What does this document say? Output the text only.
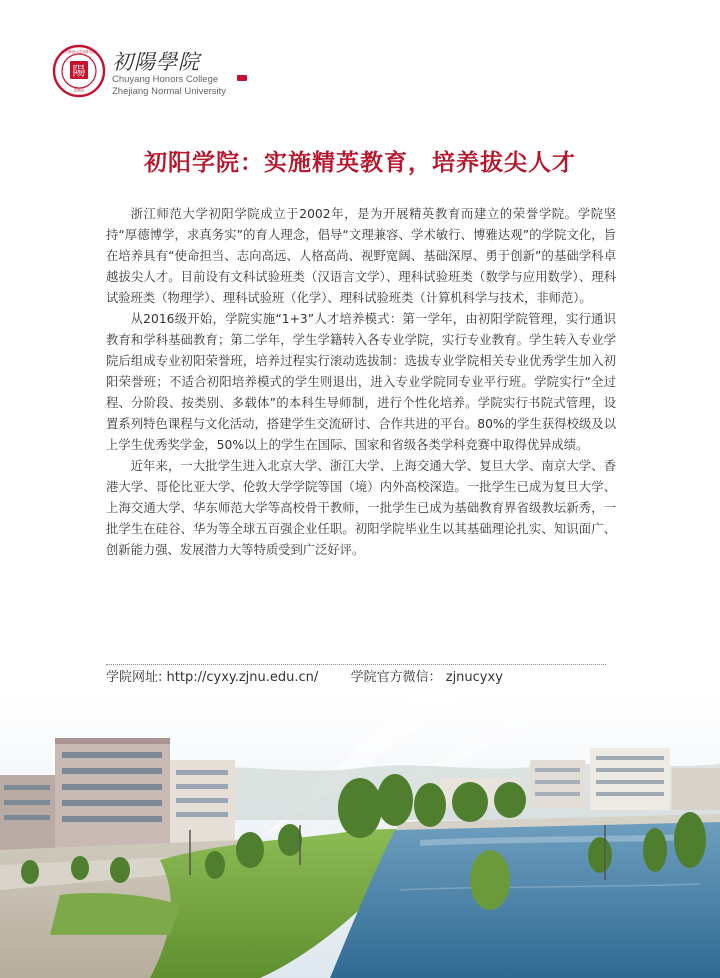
陽
2002
浙江师范大学初阳学院 初陽學院
Chuyang Honors College
Zhejiang Normal University
初阳学院：实施精英教育，培养拔尖人才

浙江师范大学初阳学院成立于2002年，是为开展精英教育而建立的荣誉学院。学院坚持“厚德博学，求真务实”的育人理念，倡导“文理兼容、学术敏行、博雅达观”的学院文化，旨在培养具有“使命担当、志向高远、人格高尚、视野宽阔、基础深厚、勇于创新”的基础学科卓越拔尖人才。目前设有文科试验班类（汉语言文学）、理科试验班类（数学与应用数学）、理科试验班类（物理学）、理科试验班（化学）、理科试验班类（计算机科学与技术，非师范）。

从2016级开始，学院实施“1+3”人才培养模式：第一学年，由初阳学院管理，实行通识教育和学科基础教育；第二学年，学生学籍转入各专业学院，实行专业教育。学生转入专业学院后组成专业初阳荣誉班，培养过程实行滚动选拔制：选拔专业学院相关专业优秀学生加入初阳荣誉班；不适合初阳培养模式的学生则退出，进入专业学院同专业平行班。学院实行“全过程、分阶段、按类别、多载体”的本科生导师制，进行个性化培养。学院实行书院式管理，设置系列特色课程与文化活动，搭建学生交流研讨、合作共进的平台。80%的学生获得校级及以上学生优秀奖学金，50%以上的学生在国际、国家和省级各类学科竞赛中取得优异成绩。

近年来，一大批学生进入北京大学、浙江大学、上海交通大学、复旦大学、南京大学、香港大学、哥伦比亚大学、伦敦大学学院等国（境）内外高校深造。一批学生已成为复旦大学、上海交通大学、华东师范大学等高校骨干教师，一批学生已成为基础教育界省级教坛新秀，一批学生在硅谷、华为等全球五百强企业任职。初阳学院毕业生以其基础理论扎实、知识面广、创新能力强、发展潜力大等特质受到广泛好评。

学院网址: http://cyxy.zjnu.edu.cn/ 学院官方微信： zjnucyxy
